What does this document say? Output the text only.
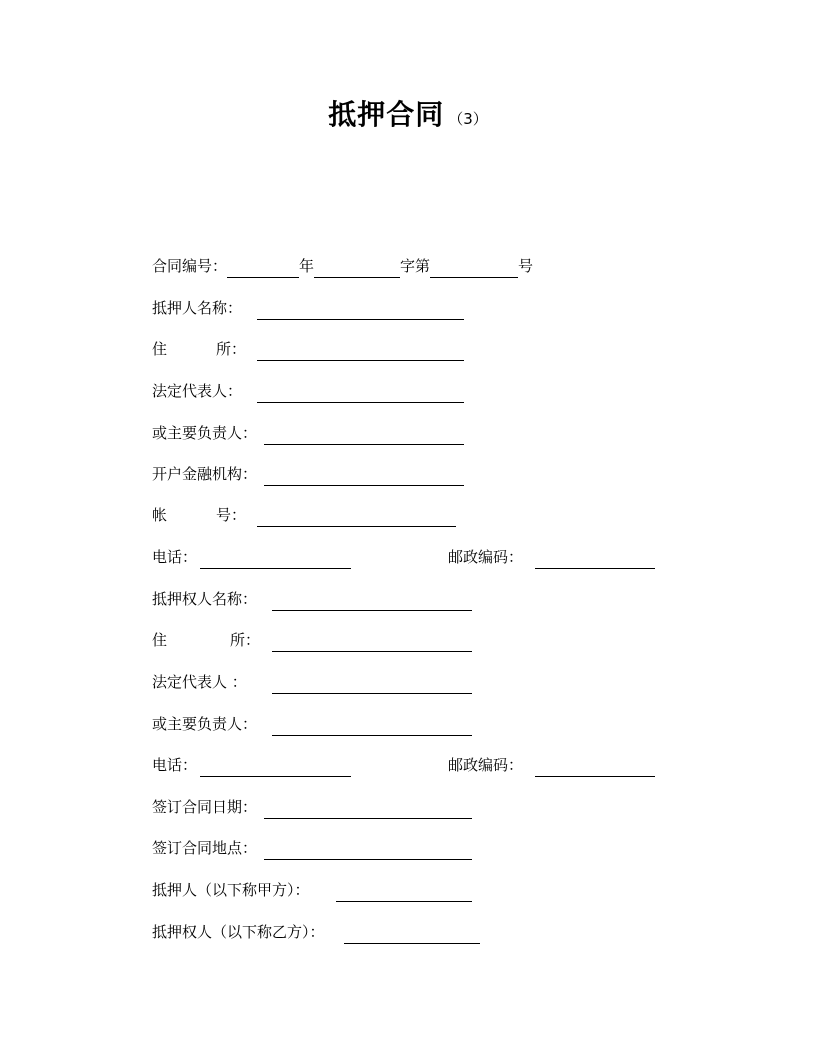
抵押合同 （3）
合同编号：	年	字第	号
抵押人名称：
住	所：
法定代表人：
或主要负责人：
开户金融机构：
帐	号：
电话：	邮政编码：
抵押权人名称：
住	所：
法定代表人 ：
或主要负责人：
电话：	邮政编码：
签订合同日期：
签订合同地点：
抵押人（以下称甲方）：
抵押权人（以下称乙方）：
